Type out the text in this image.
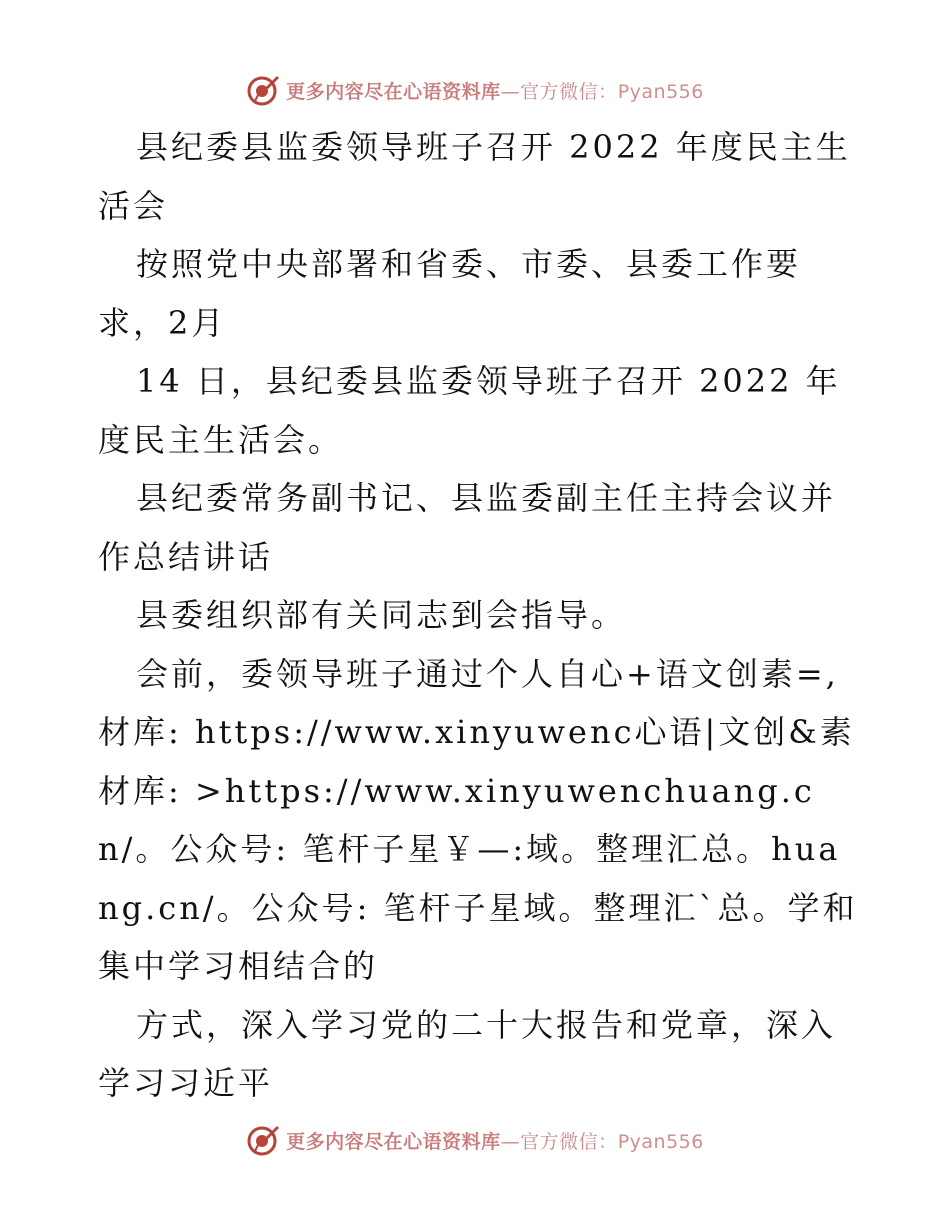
更多内容尽在心语资料库—官方微信：Pyan556

县纪委县监委领导班子召开 2022 年度民主生活会

按照党中央部署和省委、市委、县委工作要求，2月

14 日，县纪委县监委领导班子召开 2022 年度民主生活会。

县纪委常务副书记、县监委副主任主持会议并作总结讲话

县委组织部有关同志到会指导。

会前，委领导班子通过个人自心+语文创素=,材库: https://www.xinyuwenc心语|文创&素材库: >https://www.xinyuwenchuang.cn/。公众号: 笔杆子星￥—:域。整理汇总。huang.cn/。公众号: 笔杆子星域。整理汇`总。学和集中学习相结合的

方式，深入学习党的二十大报告和党章，深入学习习近平

更多内容尽在心语资料库—官方微信：Pyan556
